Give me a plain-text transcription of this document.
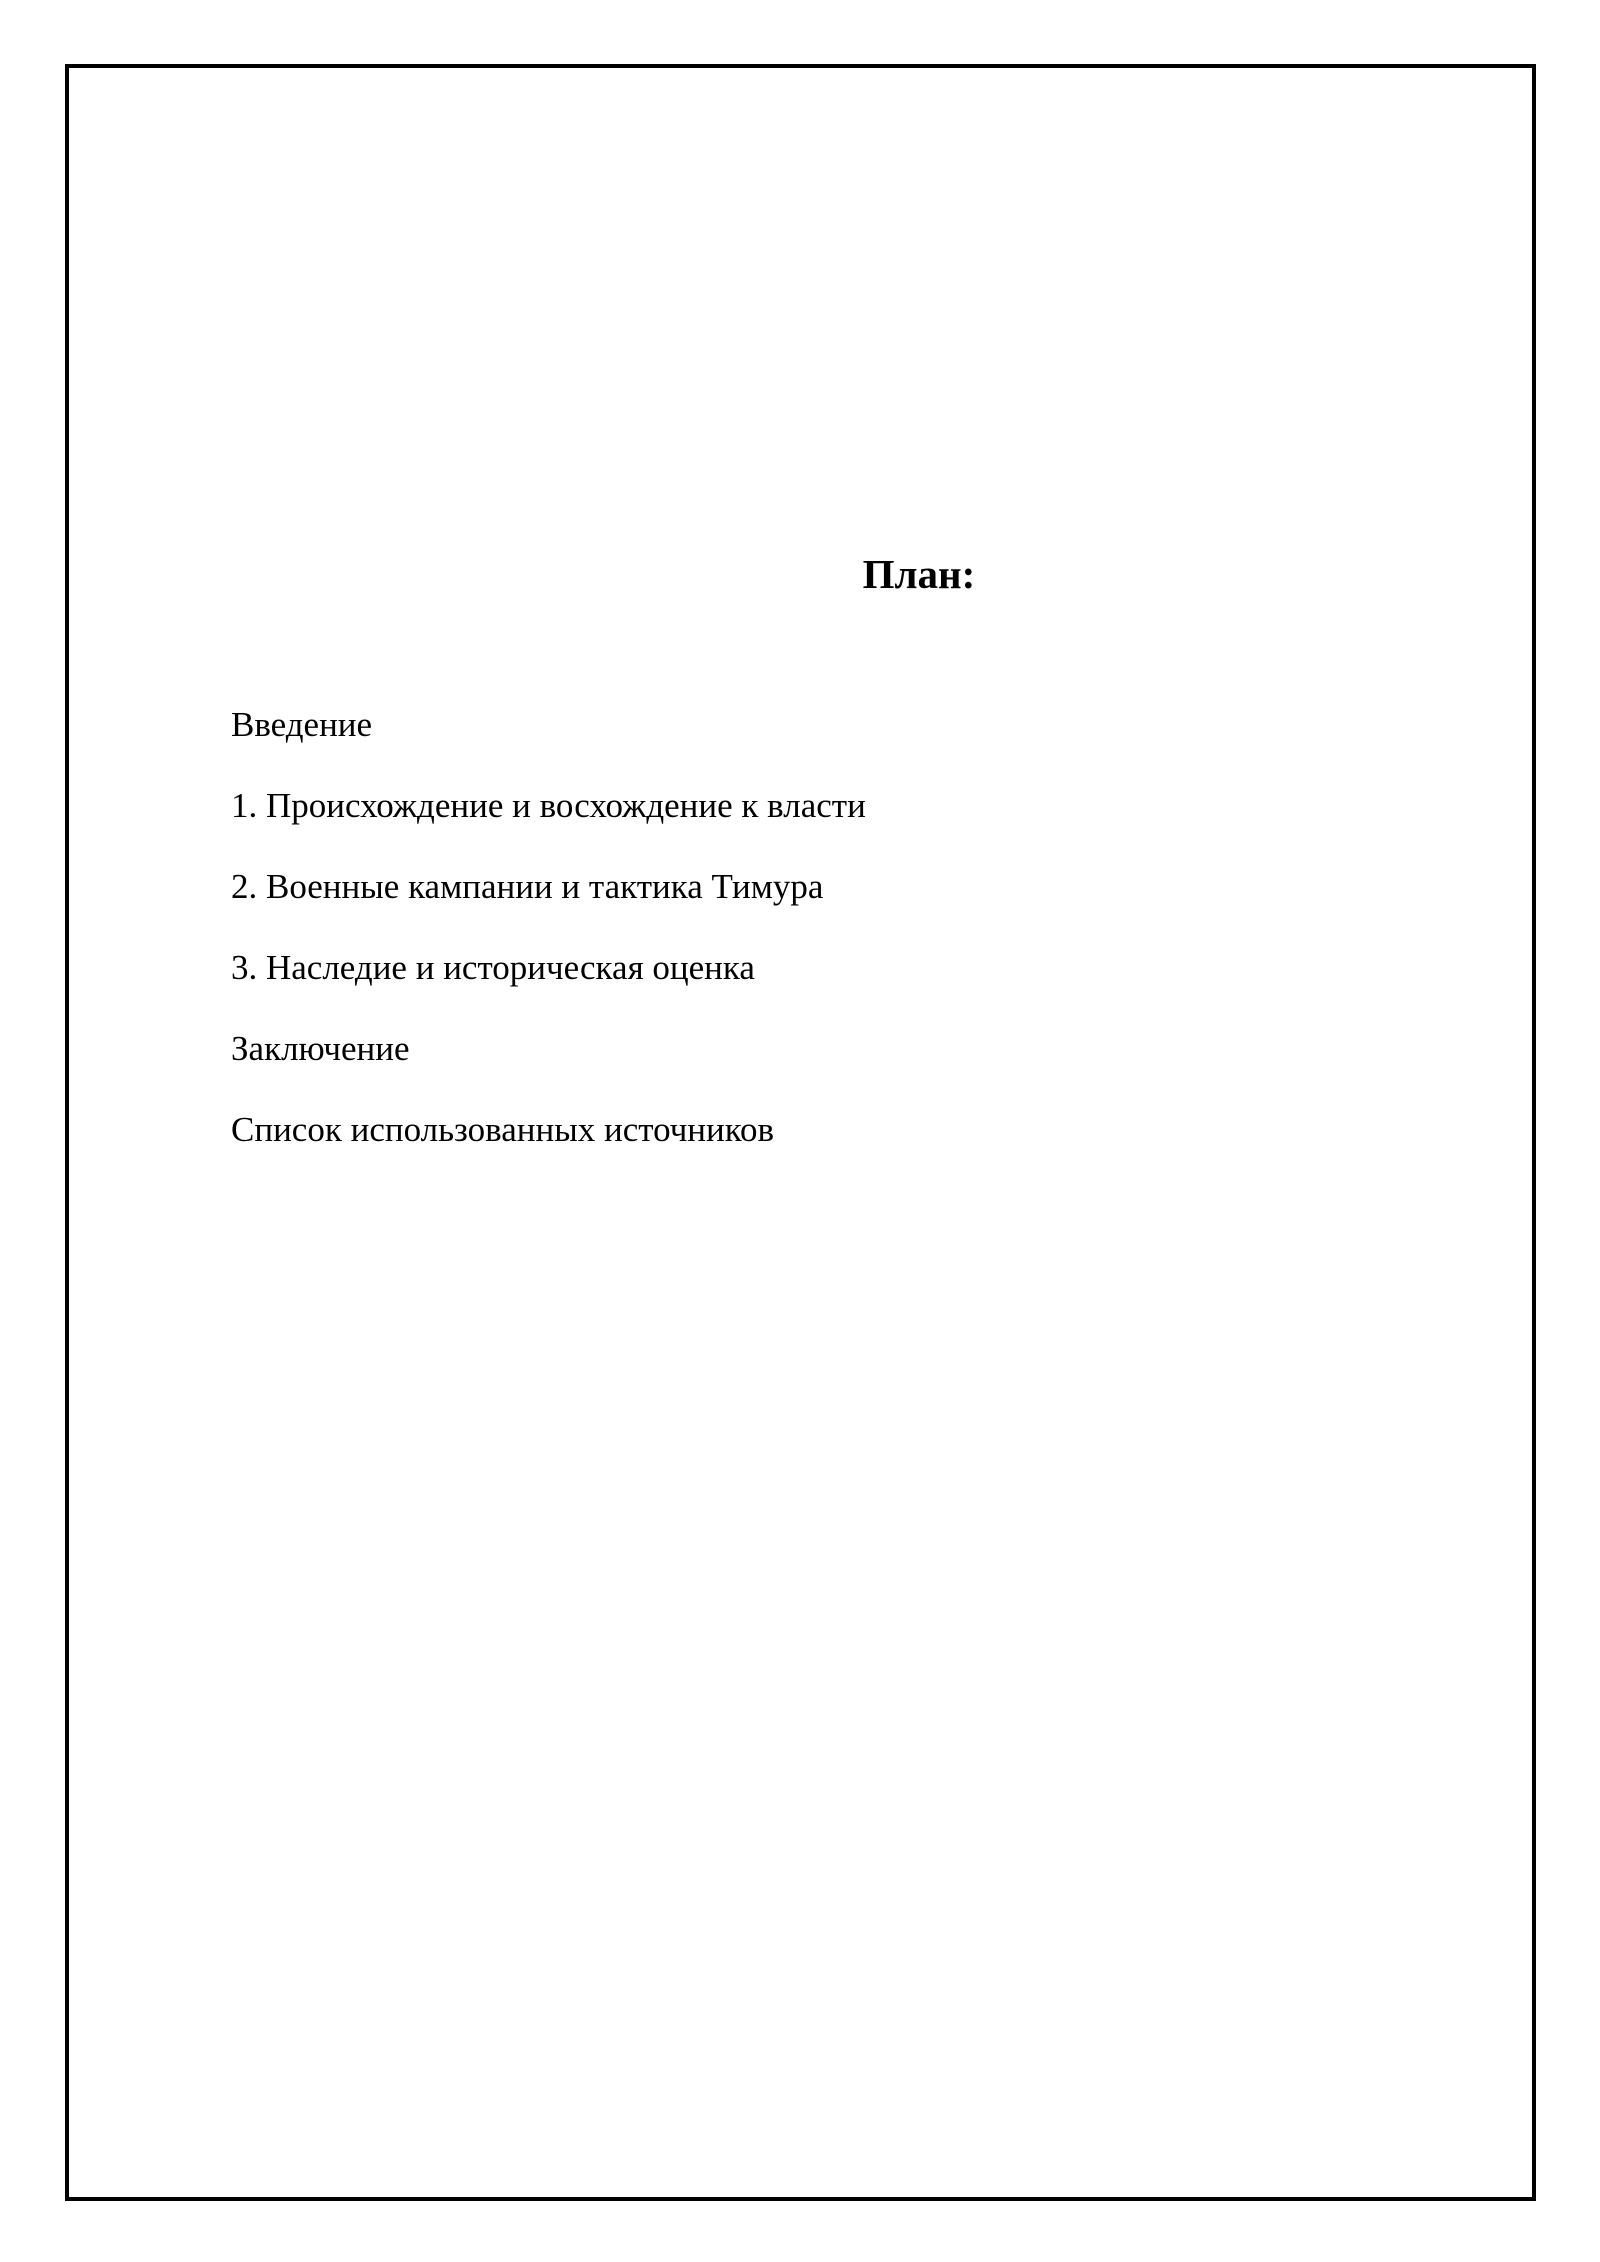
План:
Введение
1. Происхождение и восхождение к власти
2. Военные кампании и тактика Тимура
3. Наследие и историческая оценка
Заключение
Список использованных источников
